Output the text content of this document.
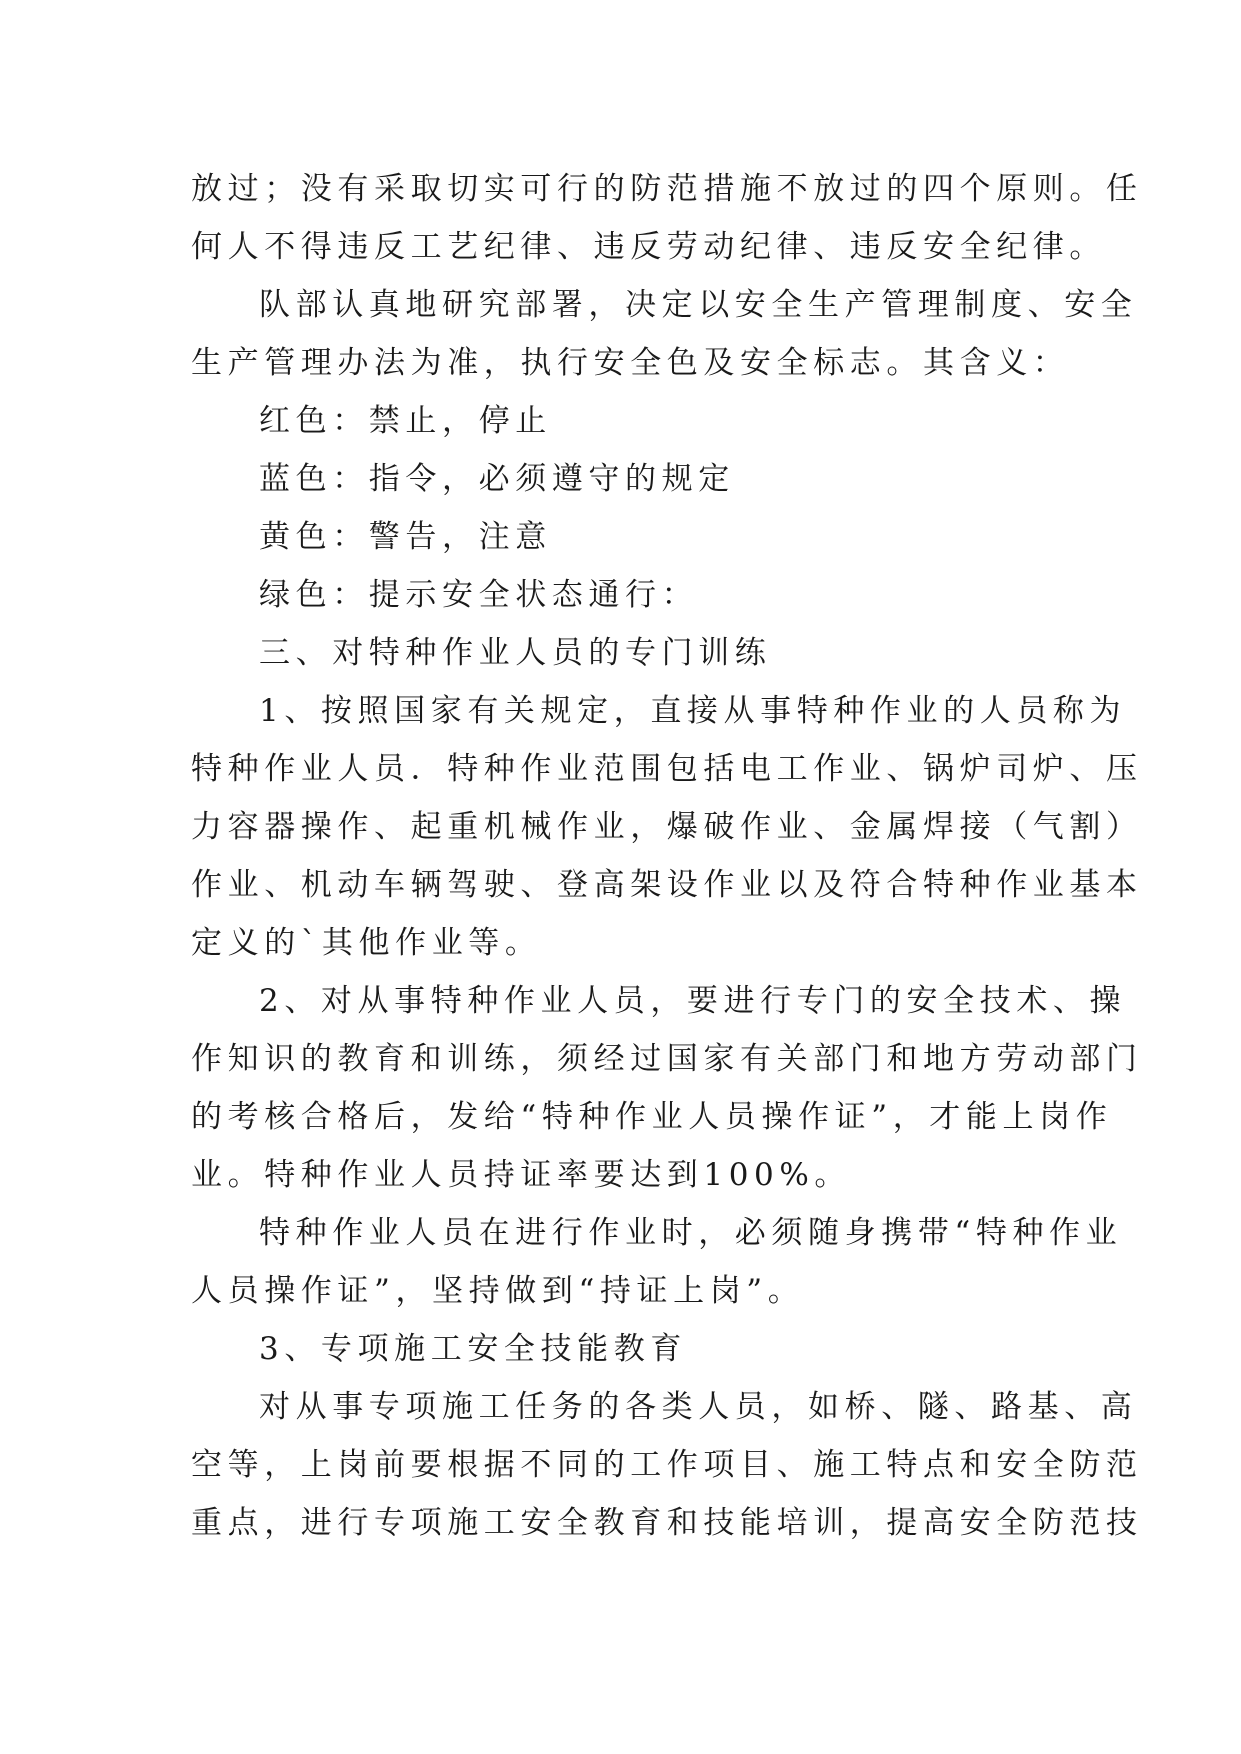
放过；没有采取切实可行的防范措施不放过的四个原则。任
何人不得违反工艺纪律、违反劳动纪律、违反安全纪律。
队部认真地研究部署，决定以安全生产管理制度、安全
生产管理办法为准，执行安全色及安全标志。其含义：
红色：禁止，停止
蓝色：指令，必须遵守的规定
黄色：警告，注意
绿色：提示安全状态通行：
三、对特种作业人员的专门训练
1、按照国家有关规定，直接从事特种作业的人员称为
特种作业人员．特种作业范围包括电工作业、锅炉司炉、压
力容器操作、起重机械作业，爆破作业、金属焊接（气割）
作业、机动车辆驾驶、登高架设作业以及符合特种作业基本
定义的`其他作业等。
2、对从事特种作业人员，要进行专门的安全技术、操
作知识的教育和训练，须经过国家有关部门和地方劳动部门
的考核合格后，发给“特种作业人员操作证”，才能上岗作
业。特种作业人员持证率要达到100%。
特种作业人员在进行作业时，必须随身携带“特种作业
人员操作证”，坚持做到“持证上岗”。
3、专项施工安全技能教育
对从事专项施工任务的各类人员，如桥、隧、路基、高
空等，上岗前要根据不同的工作项目、施工特点和安全防范
重点，进行专项施工安全教育和技能培训，提高安全防范技
